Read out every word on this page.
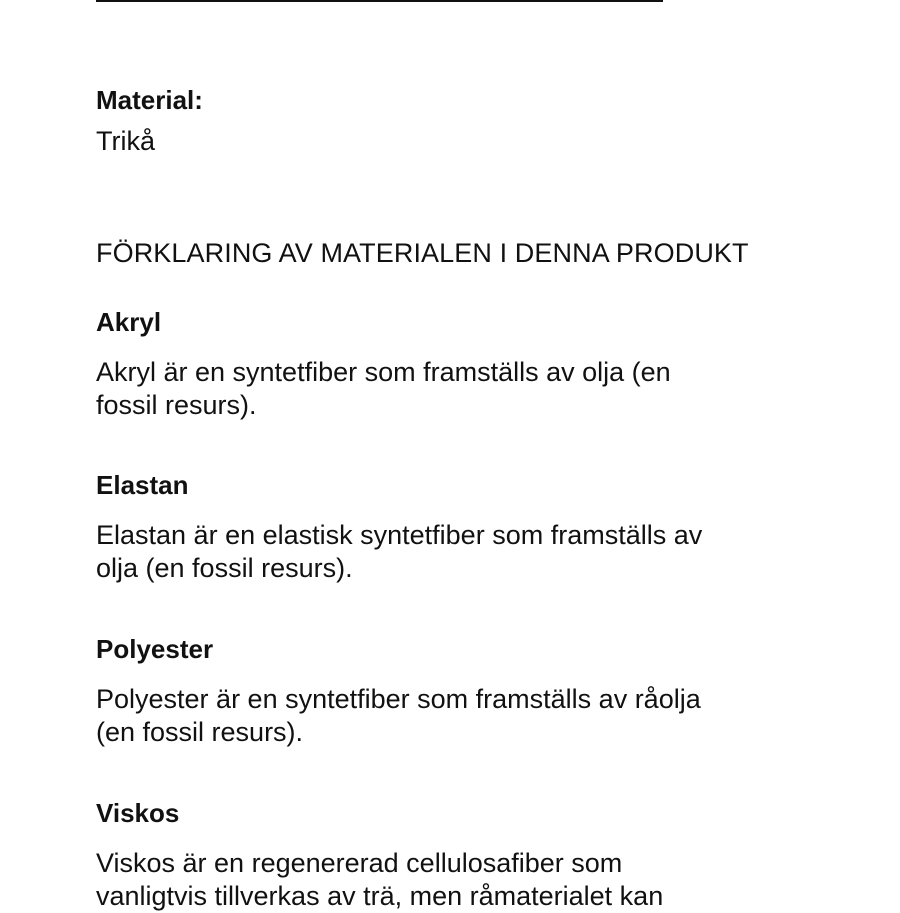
Material:
Trikå
FÖRKLARING AV MATERIALEN I DENNA PRODUKT
Akryl
Akryl är en syntetfiber som framställs av olja (en
fossil resurs).
Elastan
Elastan är en elastisk syntetfiber som framställs av
olja (en fossil resurs).
Polyester
Polyester är en syntetfiber som framställs av råolja
(en fossil resurs).
Viskos
Viskos är en regenererad cellulosafiber som
vanligtvis tillverkas av trä, men råmaterialet kan
